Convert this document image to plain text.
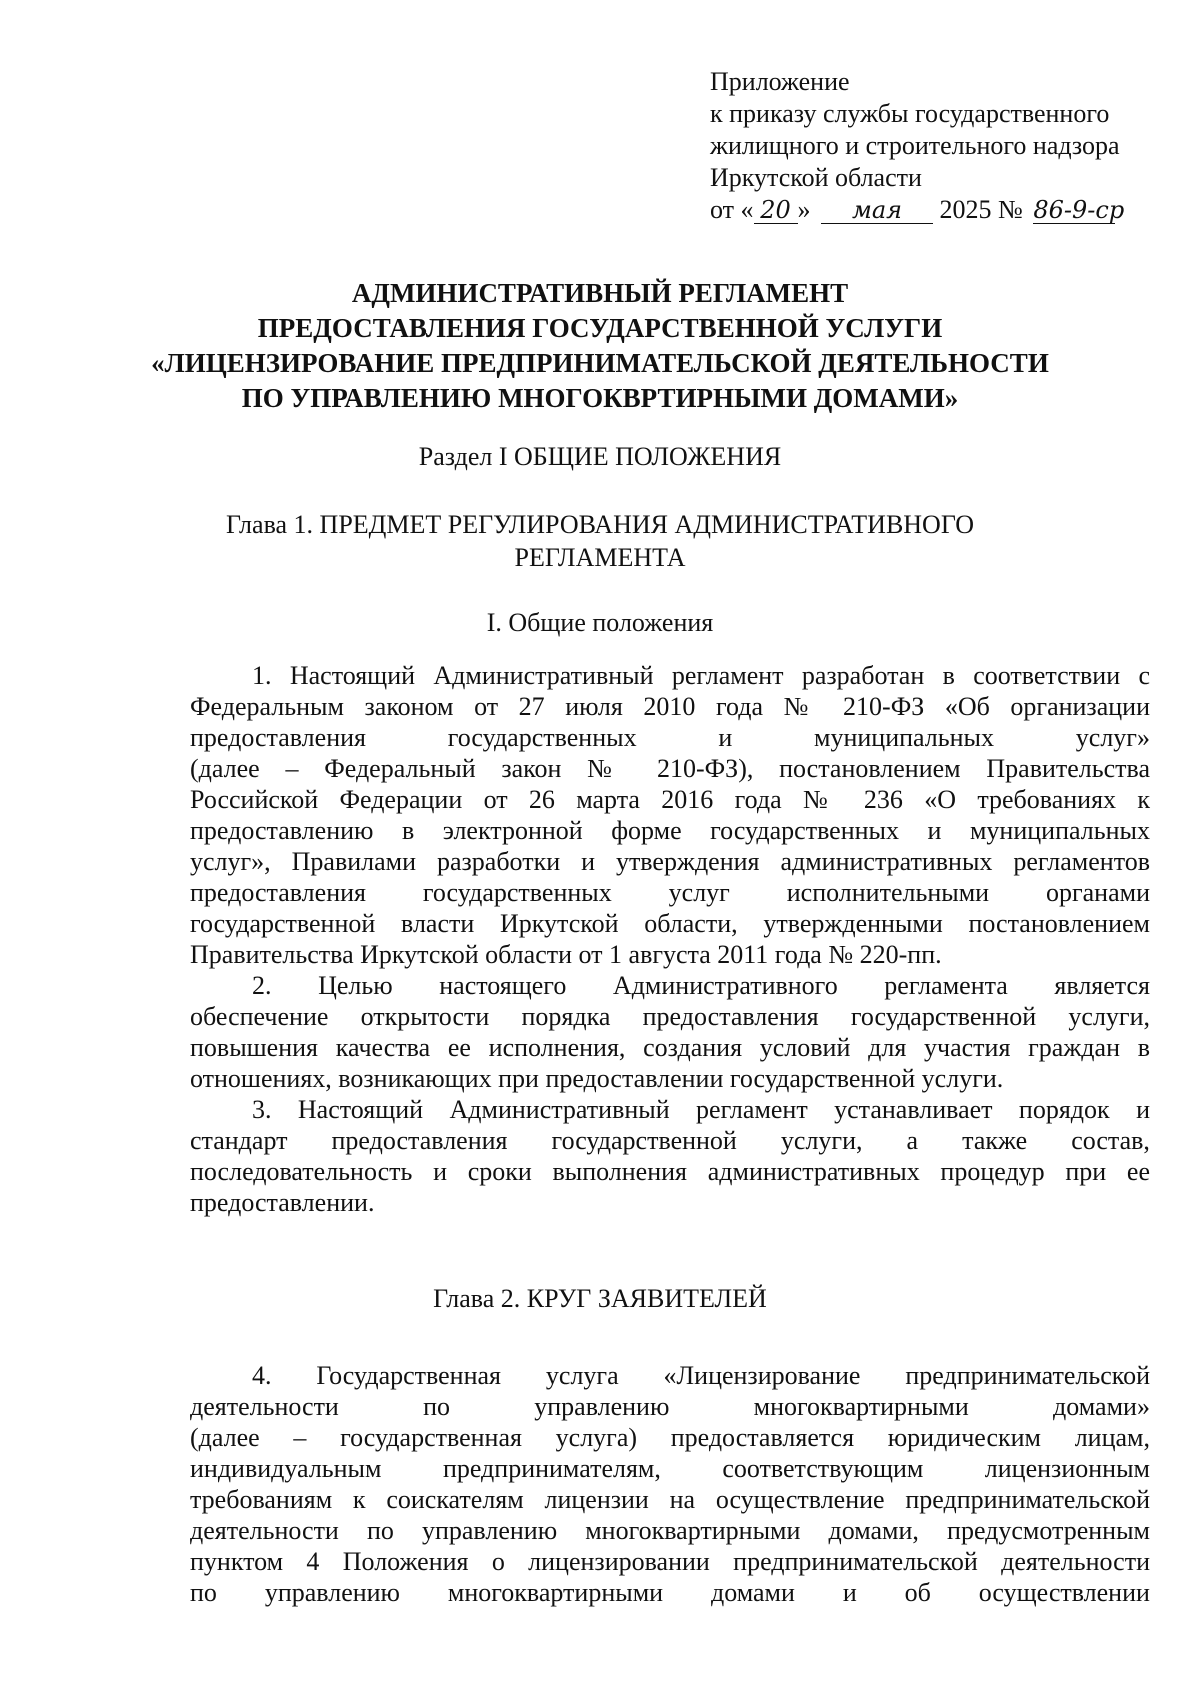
Приложение
к приказу службы государственного
жилищного и строительного надзора
Иркутской области
от « 20 » мая 2025 № 86-9-ср
АДМИНИСТРАТИВНЫЙ РЕГЛАМЕНТ
ПРЕДОСТАВЛЕНИЯ ГОСУДАРСТВЕННОЙ УСЛУГИ
«ЛИЦЕНЗИРОВАНИЕ ПРЕДПРИНИМАТЕЛЬСКОЙ ДЕЯТЕЛЬНОСТИ
ПО УПРАВЛЕНИЮ МНОГОКВРТИРНЫМИ ДОМАМИ»
Раздел I ОБЩИЕ ПОЛОЖЕНИЯ
Глава 1. ПРЕДМЕТ РЕГУЛИРОВАНИЯ АДМИНИСТРАТИВНОГО
РЕГЛАМЕНТА
I. Общие положения
1. Настоящий Административный регламент разработан в соответствии с
Федеральным законом от 27 июля 2010 года № 210-ФЗ «Об организации
предоставления	государственных	и	муниципальных	услуг»
(далее – Федеральный закон № 210-ФЗ), постановлением Правительства
Российской Федерации от 26 марта 2016 года № 236 «О требованиях к
предоставлению в электронной форме государственных и муниципальных
услуг», Правилами разработки и утверждения административных регламентов
предоставления государственных услуг исполнительными органами
государственной власти Иркутской области, утвержденными постановлением
Правительства Иркутской области от 1 августа 2011 года № 220-пп.
2. Целью настоящего Административного регламента является
обеспечение открытости порядка предоставления государственной услуги,
повышения качества ее исполнения, создания условий для участия граждан в
отношениях, возникающих при предоставлении государственной услуги.
3. Настоящий Административный регламент устанавливает порядок и
стандарт предоставления государственной услуги, а также состав,
последовательность и сроки выполнения административных процедур при ее
предоставлении.
Глава 2. КРУГ ЗАЯВИТЕЛЕЙ
4. Государственная услуга «Лицензирование предпринимательской
деятельности	по	управлению	многоквартирными	домами»
(далее – государственная услуга) предоставляется юридическим лицам,
индивидуальным предпринимателям, соответствующим лицензионным
требованиям к соискателям лицензии на осуществление предпринимательской
деятельности по управлению многоквартирными домами, предусмотренным
пунктом 4 Положения о лицензировании предпринимательской деятельности
по управлению многоквартирными домами и об осуществлении
